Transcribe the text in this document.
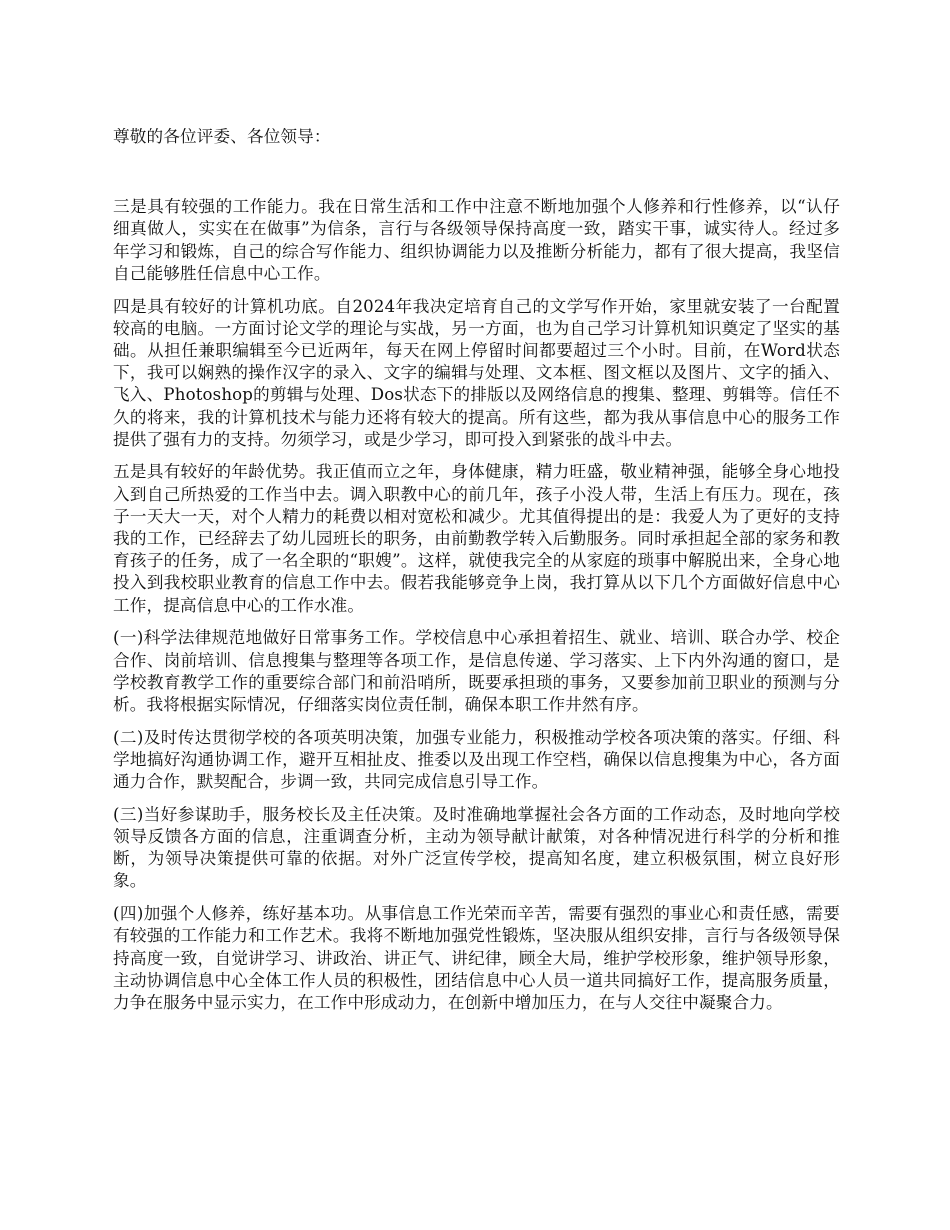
尊敬的各位评委、各位领导：

三是具有较强的工作能力。我在日常生活和工作中注意不断地加强个人修养和行性修养，以“认仔细真做人，实实在在做事”为信条，言行与各级领导保持高度一致，踏实干事，诚实待人。经过多年学习和锻炼，自己的综合写作能力、组织协调能力以及推断分析能力，都有了很大提高，我坚信自己能够胜任信息中心工作。

四是具有较好的计算机功底。自2024年我决定培育自己的文学写作开始，家里就安装了一台配置较高的电脑。一方面讨论文学的理论与实战，另一方面，也为自己学习计算机知识奠定了坚实的基础。从担任兼职编辑至今已近两年，每天在网上停留时间都要超过三个小时。目前，在Word状态下，我可以娴熟的操作汉字的录入、文字的编辑与处理、文本框、图文框以及图片、文字的插入、飞入、Photoshop的剪辑与处理、Dos状态下的排版以及网络信息的搜集、整理、剪辑等。信任不久的将来，我的计算机技术与能力还将有较大的提高。所有这些，都为我从事信息中心的服务工作提供了强有力的支持。勿须学习，或是少学习，即可投入到紧张的战斗中去。

五是具有较好的年龄优势。我正值而立之年，身体健康，精力旺盛，敬业精神强，能够全身心地投入到自己所热爱的工作当中去。调入职教中心的前几年，孩子小没人带，生活上有压力。现在，孩子一天大一天，对个人精力的耗费以相对宽松和减少。尤其值得提出的是：我爱人为了更好的支持我的工作，已经辞去了幼儿园班长的职务，由前勤教学转入后勤服务。同时承担起全部的家务和教育孩子的任务，成了一名全职的“职嫂”。这样，就使我完全的从家庭的琐事中解脱出来，全身心地投入到我校职业教育的信息工作中去。假若我能够竞争上岗，我打算从以下几个方面做好信息中心工作，提高信息中心的工作水准。

(一)科学法律规范地做好日常事务工作。学校信息中心承担着招生、就业、培训、联合办学、校企合作、岗前培训、信息搜集与整理等各项工作，是信息传递、学习落实、上下内外沟通的窗口，是学校教育教学工作的重要综合部门和前沿哨所，既要承担琐的事务，又要参加前卫职业的预测与分析。我将根据实际情况，仔细落实岗位责任制，确保本职工作井然有序。

(二)及时传达贯彻学校的各项英明决策，加强专业能力，积极推动学校各项决策的落实。仔细、科学地搞好沟通协调工作，避开互相扯皮、推委以及出现工作空档，确保以信息搜集为中心，各方面通力合作，默契配合，步调一致，共同完成信息引导工作。

(三)当好参谋助手，服务校长及主任决策。及时准确地掌握社会各方面的工作动态，及时地向学校领导反馈各方面的信息，注重调查分析，主动为领导献计献策，对各种情况进行科学的分析和推断，为领导决策提供可靠的依据。对外广泛宣传学校，提高知名度，建立积极氛围，树立良好形象。

(四)加强个人修养，练好基本功。从事信息工作光荣而辛苦，需要有强烈的事业心和责任感，需要有较强的工作能力和工作艺术。我将不断地加强党性锻炼，坚决服从组织安排，言行与各级领导保持高度一致，自觉讲学习、讲政治、讲正气、讲纪律，顾全大局，维护学校形象，维护领导形象，主动协调信息中心全体工作人员的积极性，团结信息中心人员一道共同搞好工作，提高服务质量，力争在服务中显示实力，在工作中形成动力，在创新中增加压力，在与人交往中凝聚合力。
